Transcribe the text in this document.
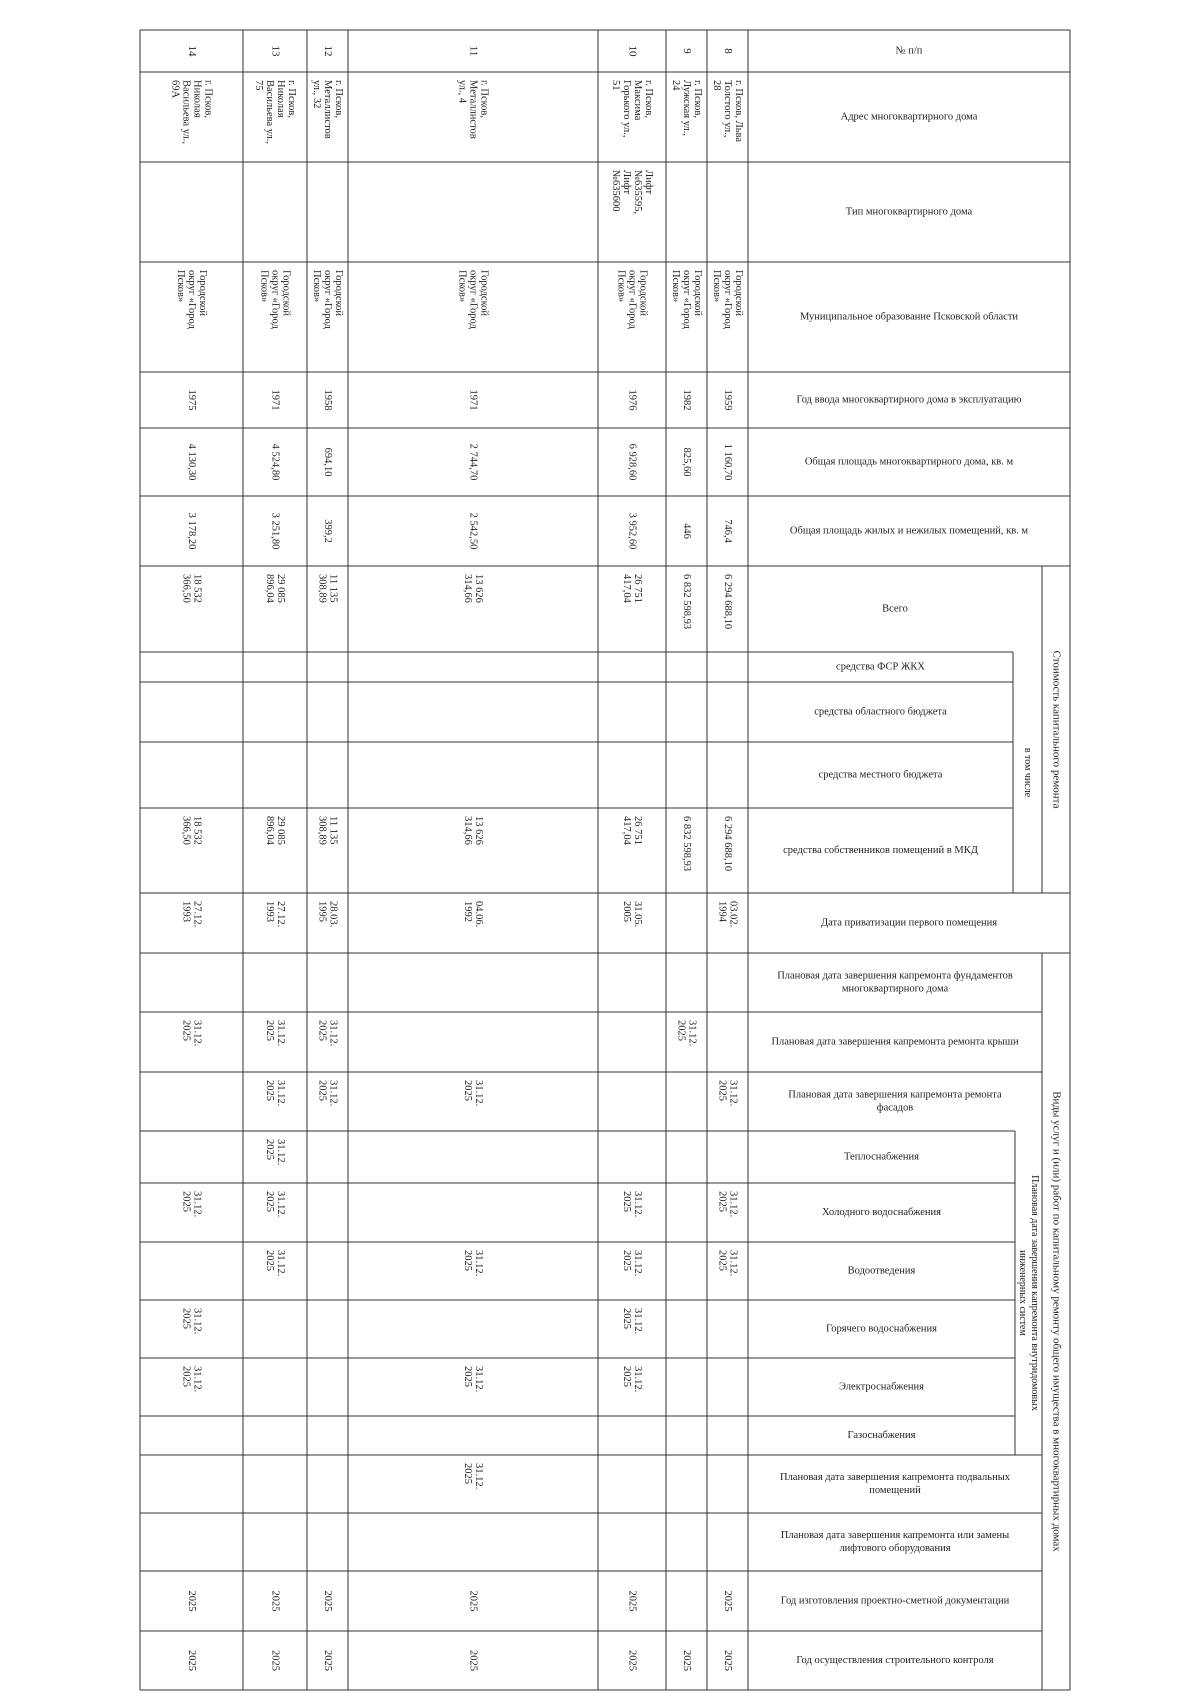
№ п/п
Адрес многоквартирного дома
Тип многоквартирного дома
Муниципальное образование Псковской области
Год ввода многоквартирного дома в эксплуатацию
Общая площадь многоквартирного дома, кв. м
Общая площадь жилых и нежилых помещений, кв. м
Всего
средства ФСР ЖКХ
средства областного бюджета
средства местного бюджета
средства собственников помещений в МКД
Дата приватизации первого помещения
Плановая дата завершения капремонта фундаментов
многоквартирного дома
Плановая дата завершения капремонта ремонта крыши
Плановая дата завершения капремонта ремонта
фасадов
Теплоснабжения
Холодного водоснабжения
Водоотведения
Горячего водоснабжения
Электроснабжения
Газоснабжения
Плановая дата завершения капремонта подвальных
помещений
Плановая дата завершения капремонта или замены
лифтового оборудования
Год изготовления проектно-сметной документации
Год осуществления строительного контроля
Стоимость капитального ремонта
в том числе
Виды услуг и (или) работ по капитальному ремонту общего имущества в многоквартирных домах
Плановая дата завершения капремонта внутридомовых
инженерных систем
8
г. Псков, Льва
Толстого ул.,
28
Городской
округ «Город
Псков»
1959
1 160,70
746,4
6 294 688,10
6 294 688,10
03.02.
1994
31.12.
2025
31.12.
2025
31.12.
2025
2025
2025
9
г. Псков,
Лужская ул.,
24
Городской
округ «Город
Псков»
1982
825,60
446
6 832 598,93
6 832 598,93
31.12.
2025
2025
10
г. Псков,
Максима
Горького ул.,
51
Лифт
№635595,
Лифт
№635600
Городской
округ «Город
Псков»
1976
6 928,60
3 952,60
26 751
417,04
26 751
417,04
31.05.
2005
31.12.
2025
31.12.
2025
31.12.
2025
31.12.
2025
2025
2025
11
г. Псков,
Металлистов
ул., 4
Городской
округ «Город
Псков»
1971
2 744,70
2 542,50
13 626
314,66
13 626
314,66
04.06.
1992
31.12.
2025
31.12.
2025
31.12.
2025
31.12.
2025
2025
2025
12
г. Псков,
Металлистов
ул., 32
Городской
округ «Город
Псков»
1958
694,10
399,2
11 135
308,89
11 135
308,89
28.03.
1995
31.12.
2025
31.12.
2025
2025
2025
13
г. Псков,
Николая
Васильева ул.,
75
Городской
округ «Город
Псков»
1971
4 524,80
3 251,80
29 085
896,04
29 085
896,04
27.12.
1993
31.12.
2025
31.12.
2025
31.12.
2025
31.12.
2025
31.12.
2025
2025
2025
14
г. Псков,
Николая
Васильева ул.,
69А
Городской
округ «Город
Псков»
1975
4 130,30
3 178,20
18 532
366,50
18 532
366,50
27.12.
1993
31.12.
2025
31.12.
2025
31.12.
2025
31.12.
2025
2025
2025
